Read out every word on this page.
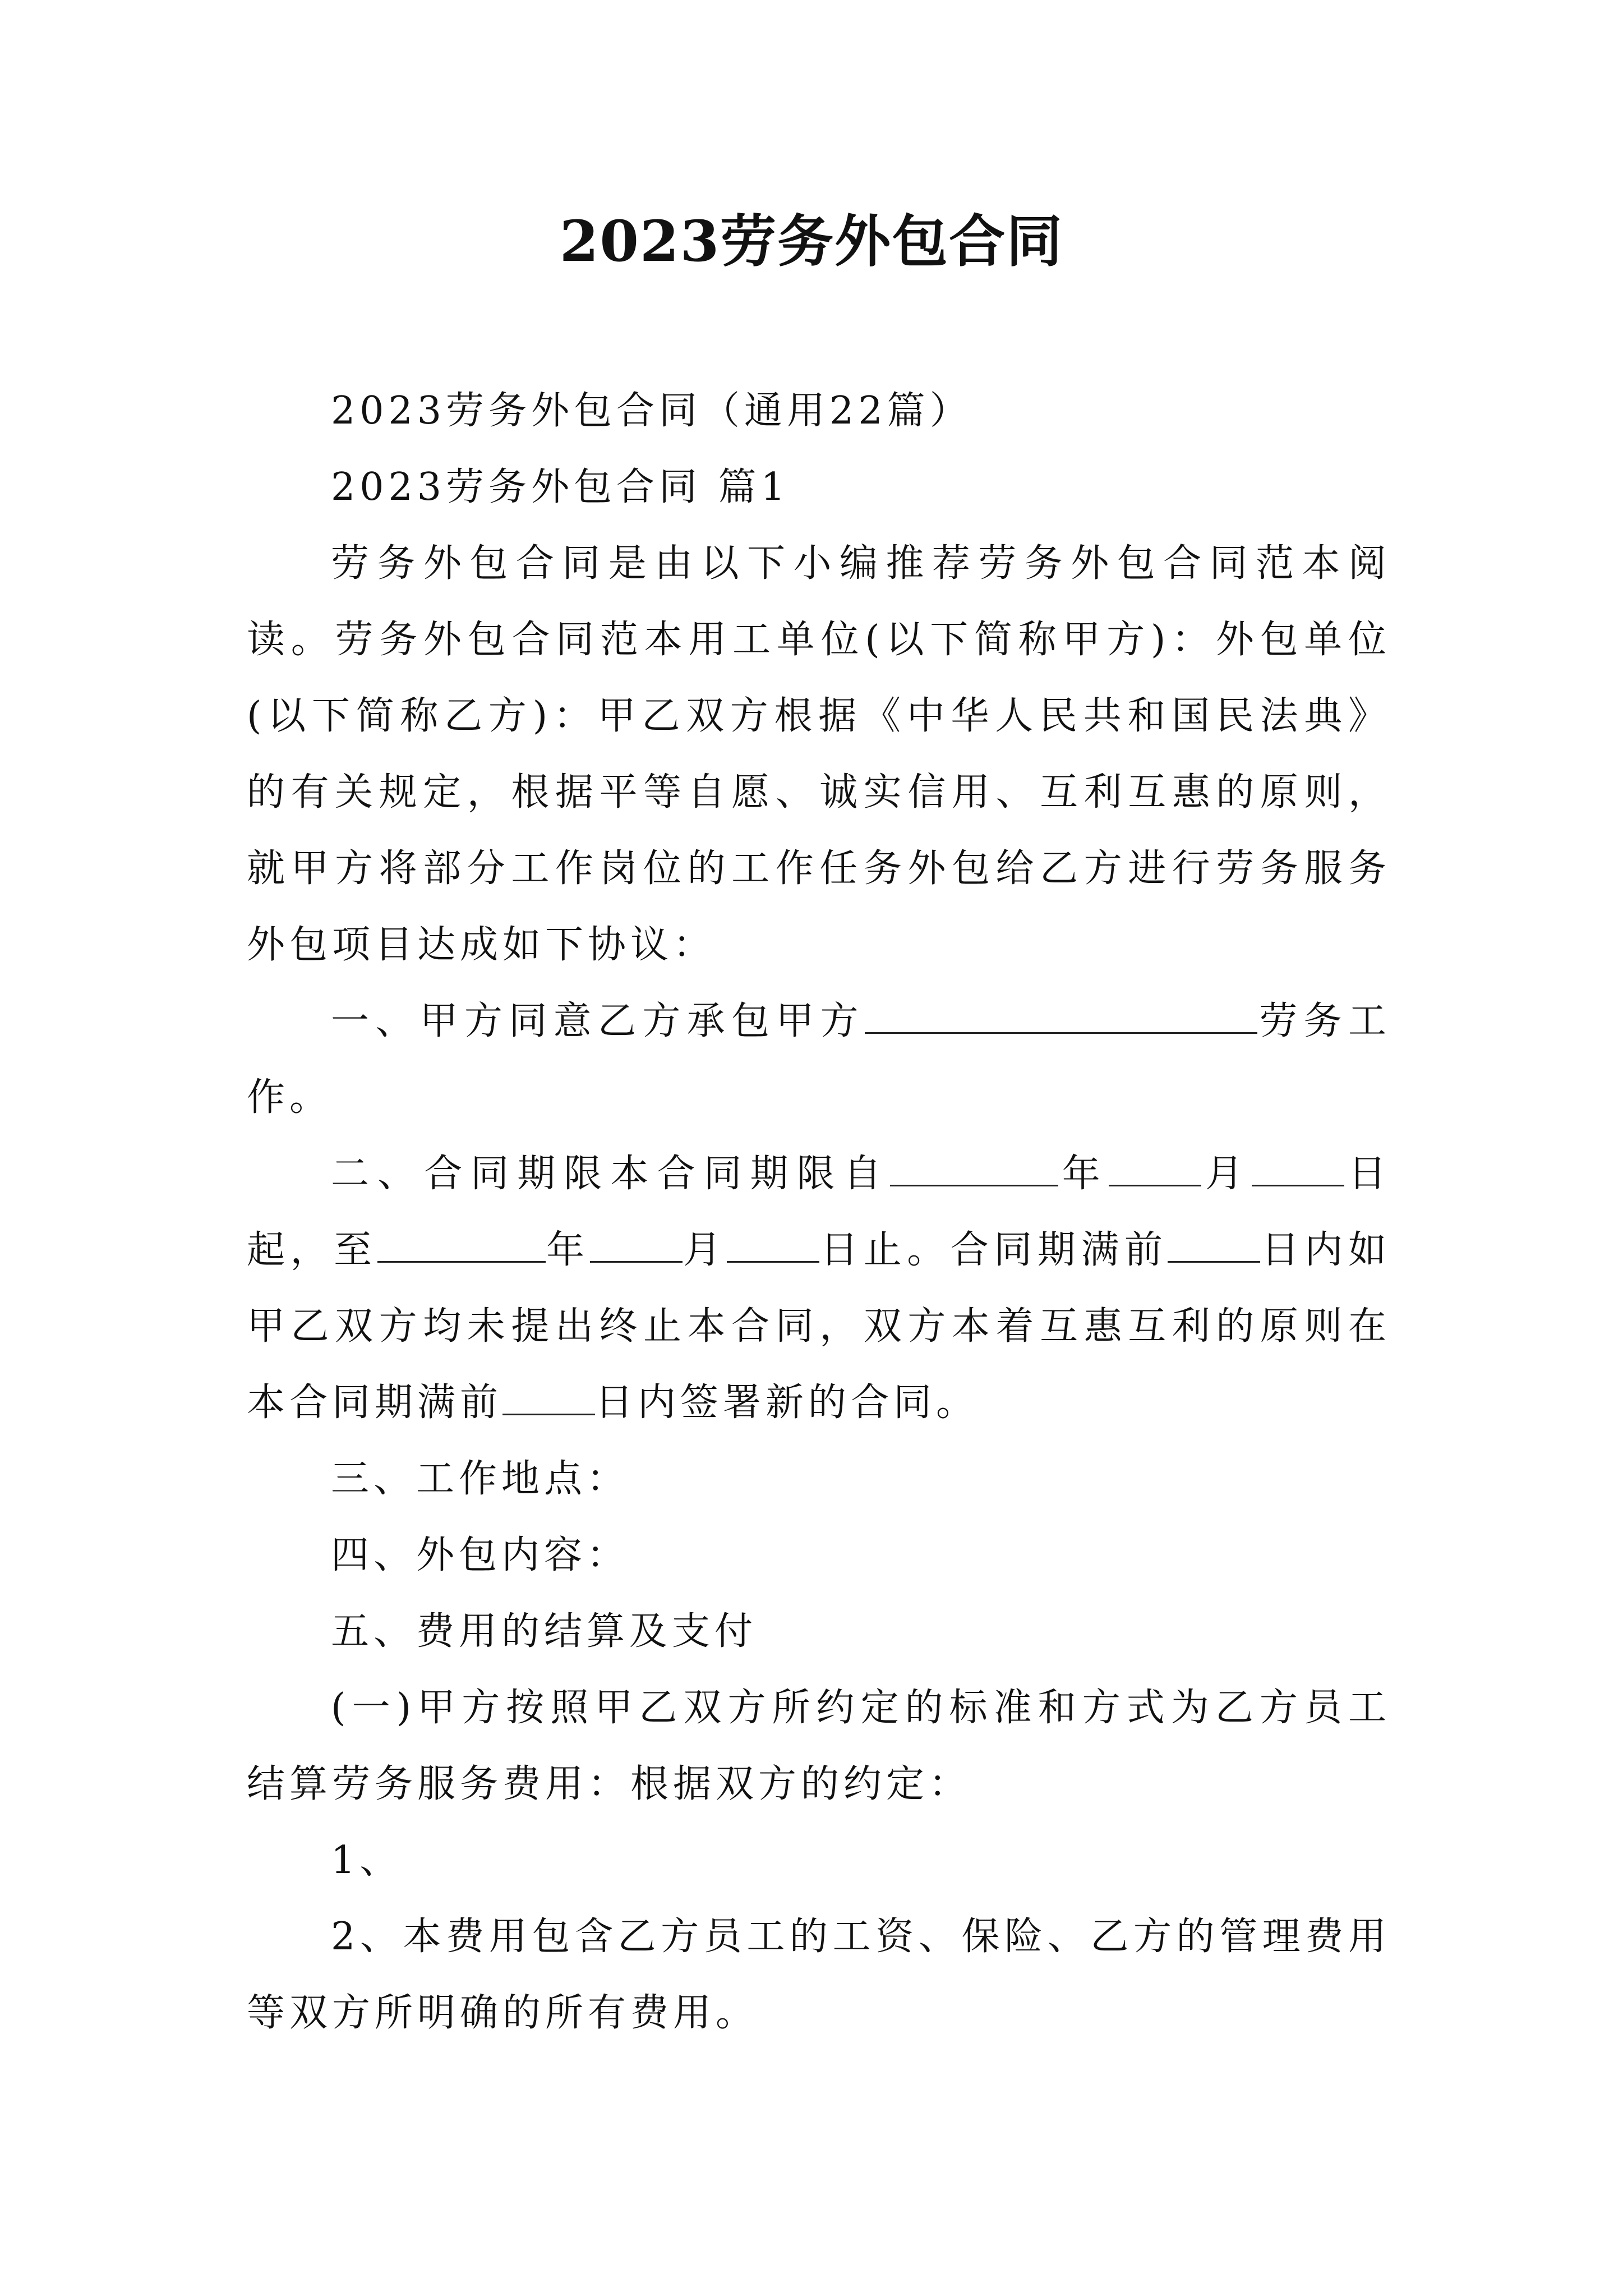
2023劳务外包合同

2023劳务外包合同（通用22篇）

2023劳务外包合同 篇1

劳务外包合同是由以下小编推荐劳务外包合同范本阅读。劳务外包合同范本用工单位(以下简称甲方)：外包单位(以下简称乙方)：甲乙双方根据《中华人民共和国民法典》的有关规定，根据平等自愿、诚实信用、互利互惠的原则，就甲方将部分工作岗位的工作任务外包给乙方进行劳务服务外包项目达成如下协议：

一、甲方同意乙方承包甲方	劳务工作。

二、合同期限本合同期限自	年 月 日起，至	年 月 日止。合同期满前 日内如甲乙双方均未提出终止本合同，双方本着互惠互利的原则在本合同期满前 日内签署新的合同。

三、工作地点：

四、外包内容：

五、费用的结算及支付

(一)甲方按照甲乙双方所约定的标准和方式为乙方员工结算劳务服务费用：根据双方的约定：

1、

2、本费用包含乙方员工的工资、保险、乙方的管理费用等双方所明确的所有费用。
